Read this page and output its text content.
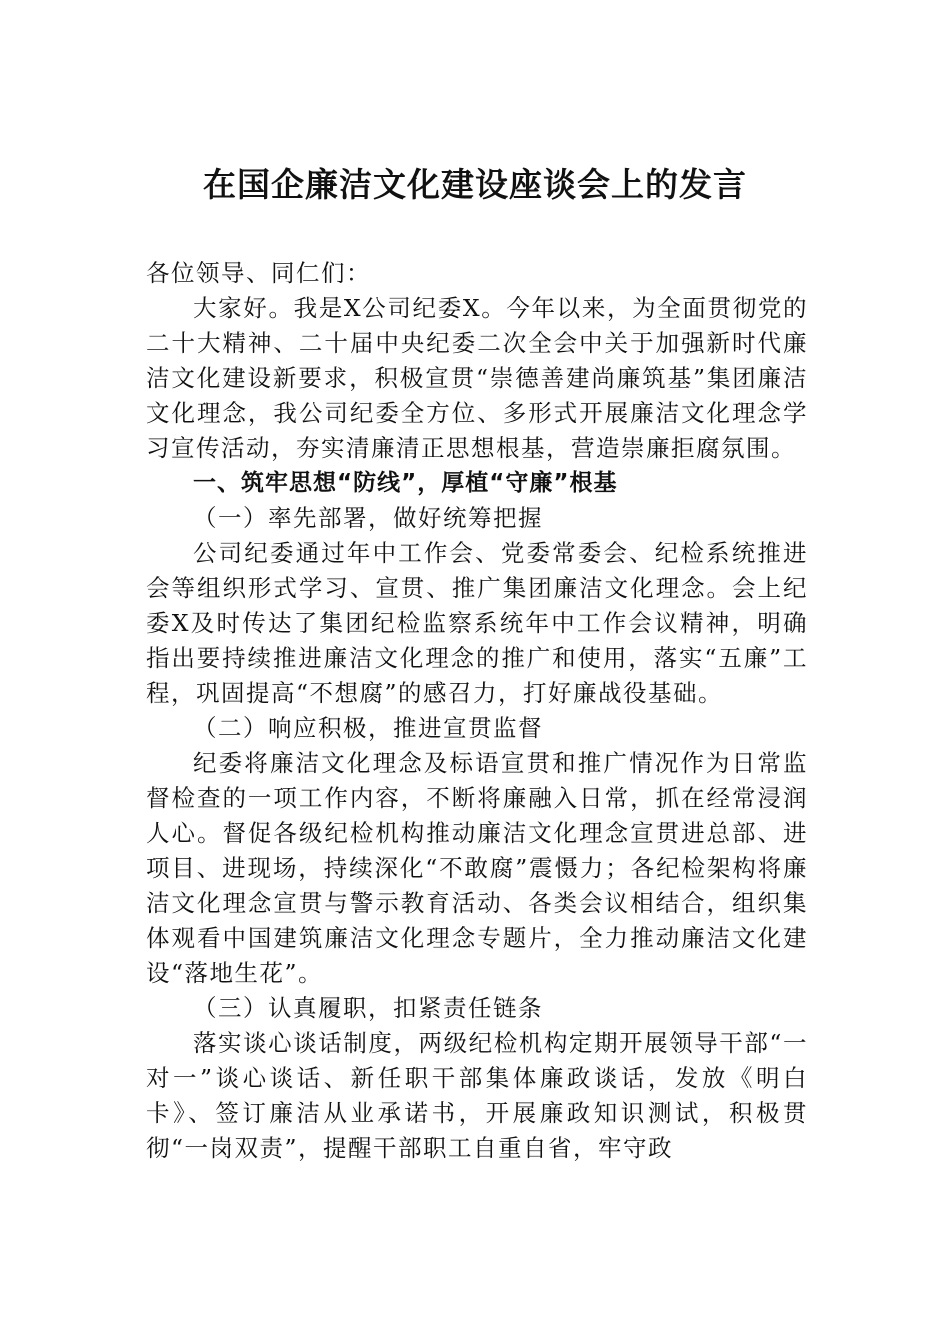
在国企廉洁文化建设座谈会上的发言

各位领导、同仁们：

大家好。我是X公司纪委X。今年以来，为全面贯彻党的二十大精神、二十届中央纪委二次全会中关于加强新时代廉洁文化建设新要求，积极宣贯“崇德善建尚廉筑基”集团廉洁文化理念，我公司纪委全方位、多形式开展廉洁文化理念学习宣传活动，夯实清廉清正思想根基，营造崇廉拒腐氛围。

一、筑牢思想“防线”，厚植“守廉”根基

（一）率先部署，做好统筹把握

公司纪委通过年中工作会、党委常委会、纪检系统推进会等组织形式学习、宣贯、推广集团廉洁文化理念。会上纪委X及时传达了集团纪检监察系统年中工作会议精神，明确指出要持续推进廉洁文化理念的推广和使用，落实“五廉”工程，巩固提高“不想腐”的感召力，打好廉战役基础。

（二）响应积极，推进宣贯监督

纪委将廉洁文化理念及标语宣贯和推广情况作为日常监督检查的一项工作内容，不断将廉融入日常，抓在经常浸润人心。督促各级纪检机构推动廉洁文化理念宣贯进总部、进项目、进现场，持续深化“不敢腐”震慑力；各纪检架构将廉洁文化理念宣贯与警示教育活动、各类会议相结合，组织集体观看中国建筑廉洁文化理念专题片，全力推动廉洁文化建设“落地生花”。

（三）认真履职，扣紧责任链条

落实谈心谈话制度，两级纪检机构定期开展领导干部“一对一”谈心谈话、新任职干部集体廉政谈话，发放《明白卡》、签订廉洁从业承诺书，开展廉政知识测试，积极贯彻“一岗双责”，提醒干部职工自重自省，牢守政
